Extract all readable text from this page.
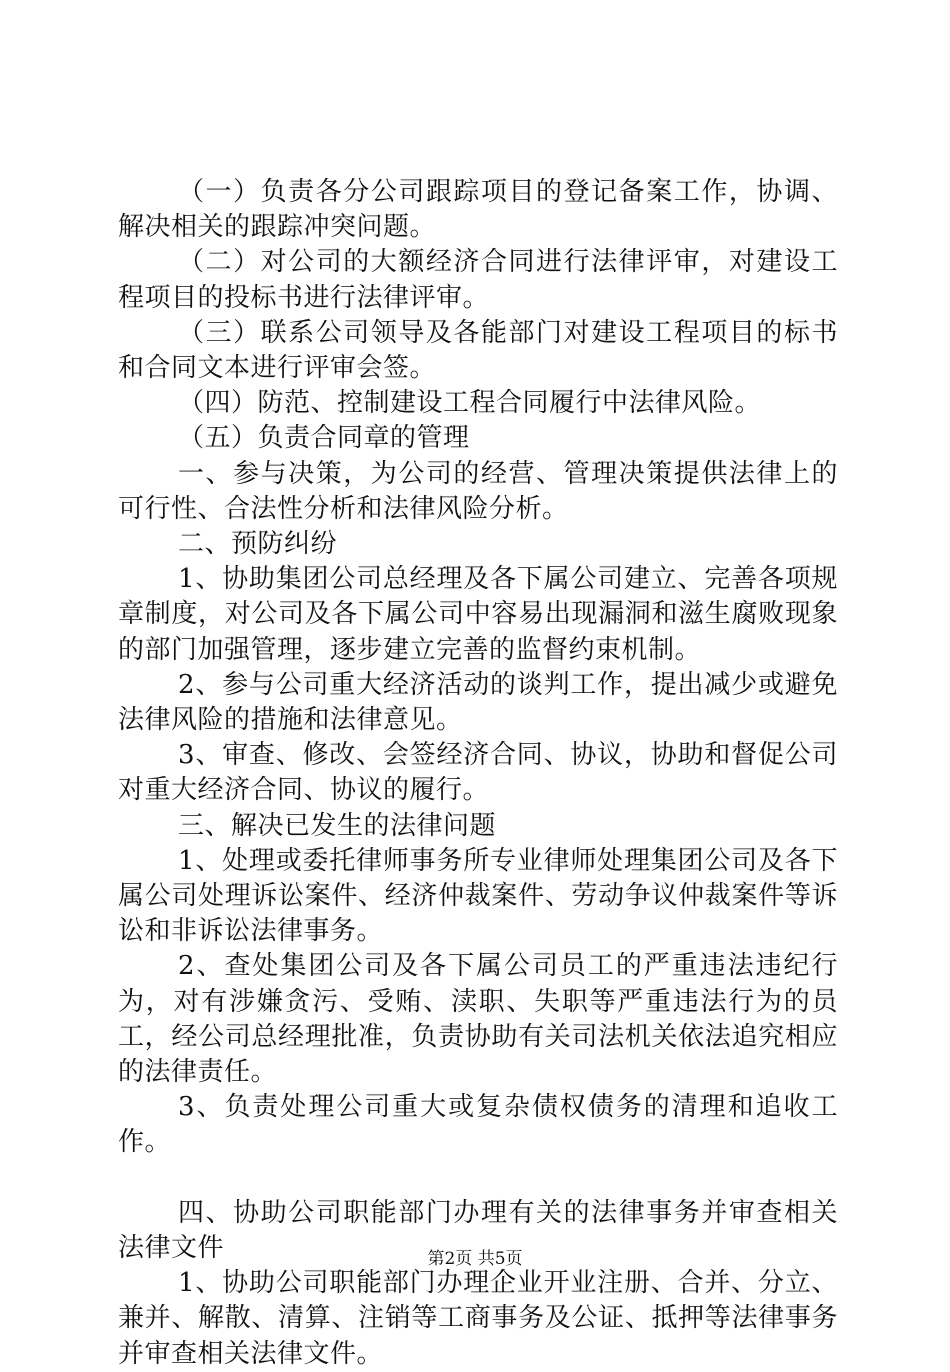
（一）负责各分公司跟踪项目的登记备案工作，协调、解决相关的跟踪冲突问题。

（二）对公司的大额经济合同进行法律评审，对建设工程项目的投标书进行法律评审。

（三）联系公司领导及各能部门对建设工程项目的标书和合同文本进行评审会签。

（四）防范、控制建设工程合同履行中法律风险。

（五）负责合同章的管理

一、参与决策，为公司的经营、管理决策提供法律上的可行性、合法性分析和法律风险分析。

二、预防纠纷

1、协助集团公司总经理及各下属公司建立、完善各项规章制度，对公司及各下属公司中容易出现漏洞和滋生腐败现象的部门加强管理，逐步建立完善的监督约束机制。

2、参与公司重大经济活动的谈判工作，提出减少或避免法律风险的措施和法律意见。

3、审查、修改、会签经济合同、协议，协助和督促公司对重大经济合同、协议的履行。

三、解决已发生的法律问题

1、处理或委托律师事务所专业律师处理集团公司及各下属公司处理诉讼案件、经济仲裁案件、劳动争议仲裁案件等诉讼和非诉讼法律事务。

2、查处集团公司及各下属公司员工的严重违法违纪行为，对有涉嫌贪污、受贿、渎职、失职等严重违法行为的员工，经公司总经理批准，负责协助有关司法机关依法追究相应的法律责任。

3、负责处理公司重大或复杂债权债务的清理和追收工作。

四、协助公司职能部门办理有关的法律事务并审查相关法律文件

1、协助公司职能部门办理企业开业注册、合并、分立、兼并、解散、清算、注销等工商事务及公证、抵押等法律事务并审查相关法律文件。

第2页 共5页
